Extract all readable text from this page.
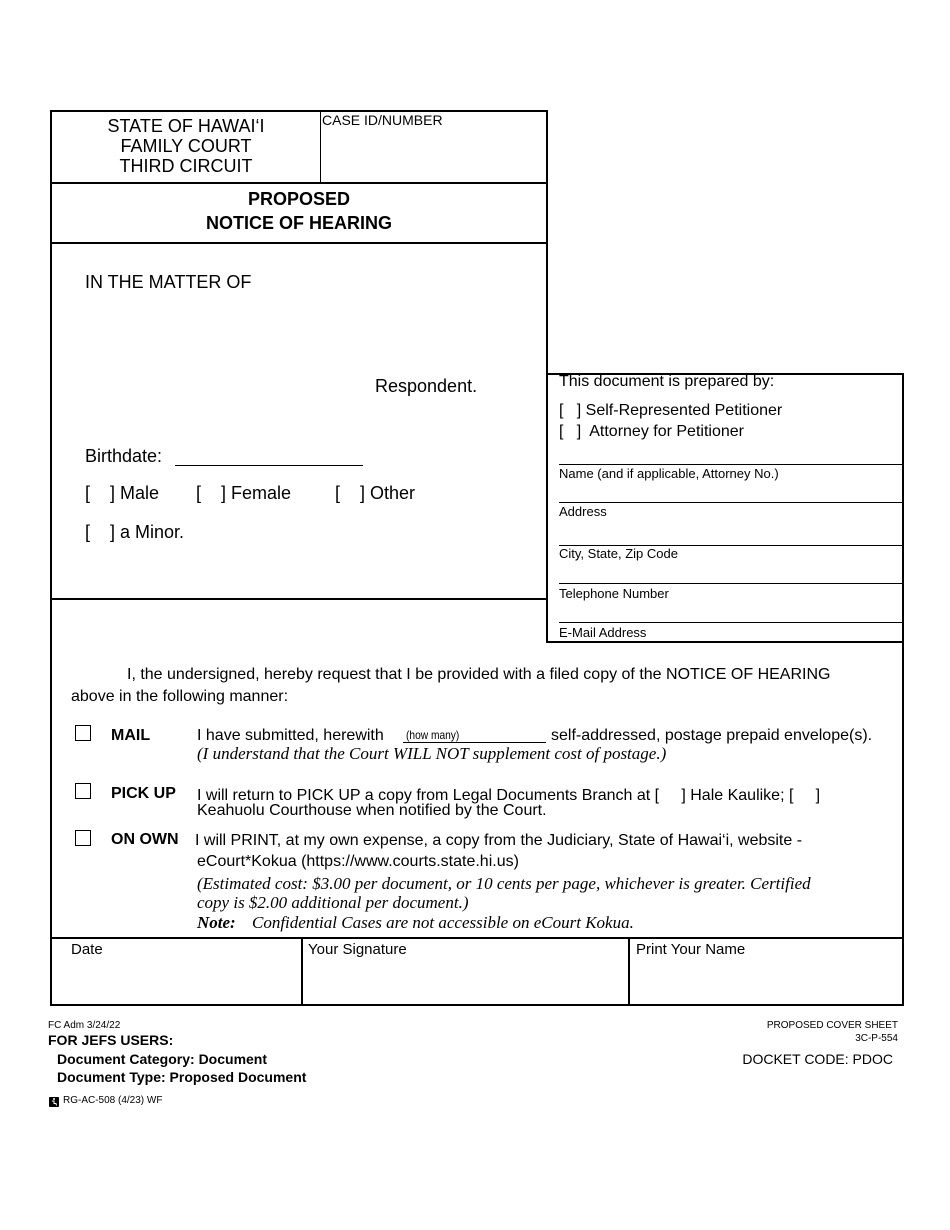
STATE OF HAWAI‘I
FAMILY COURT
THIRD CIRCUIT
CASE ID/NUMBER
PROPOSED
NOTICE OF HEARING
IN THE MATTER OF
Respondent.
Birthdate:
[    ] Male [    ] Female [    ] Other
[    ] a Minor.
This document is prepared by:
[   ] Self-Represented Petitioner
[   ]  Attorney for Petitioner
Name (and if applicable, Attorney No.)
Address
City, State, Zip Code
Telephone Number
E-Mail Address
I, the undersigned, hereby request that I be provided with a filed copy of the NOTICE OF HEARING
above in the following manner:
MAIL	I have submitted, herewith (how many)	self-addressed, postage prepaid envelope(s).
(I understand that the Court WILL NOT supplement cost of postage.)
PICK UP I will return to PICK UP a copy from Legal Documents Branch at [     ] Hale Kaulike; [     ]
Keahuolu Courthouse when notified by the Court.
ON OWN I will PRINT, at my own expense, a copy from the Judiciary, State of Hawai‘i, website -
eCourt*Kokua (https://www.courts.state.hi.us)
(Estimated cost: $3.00 per document, or 10 cents per page, whichever is greater. Certified
copy is $2.00 additional per document.)
Note: Confidential Cases are not accessible on eCourt Kokua.
Date	Your Signature	Print Your Name
FC Adm 3/24/22
FOR JEFS USERS:
Document Category: Document
Document Type: Proposed Document
RG-AC-508 (4/23) WF
PROPOSED COVER SHEET
3C-P-554
DOCKET CODE: PDOC
